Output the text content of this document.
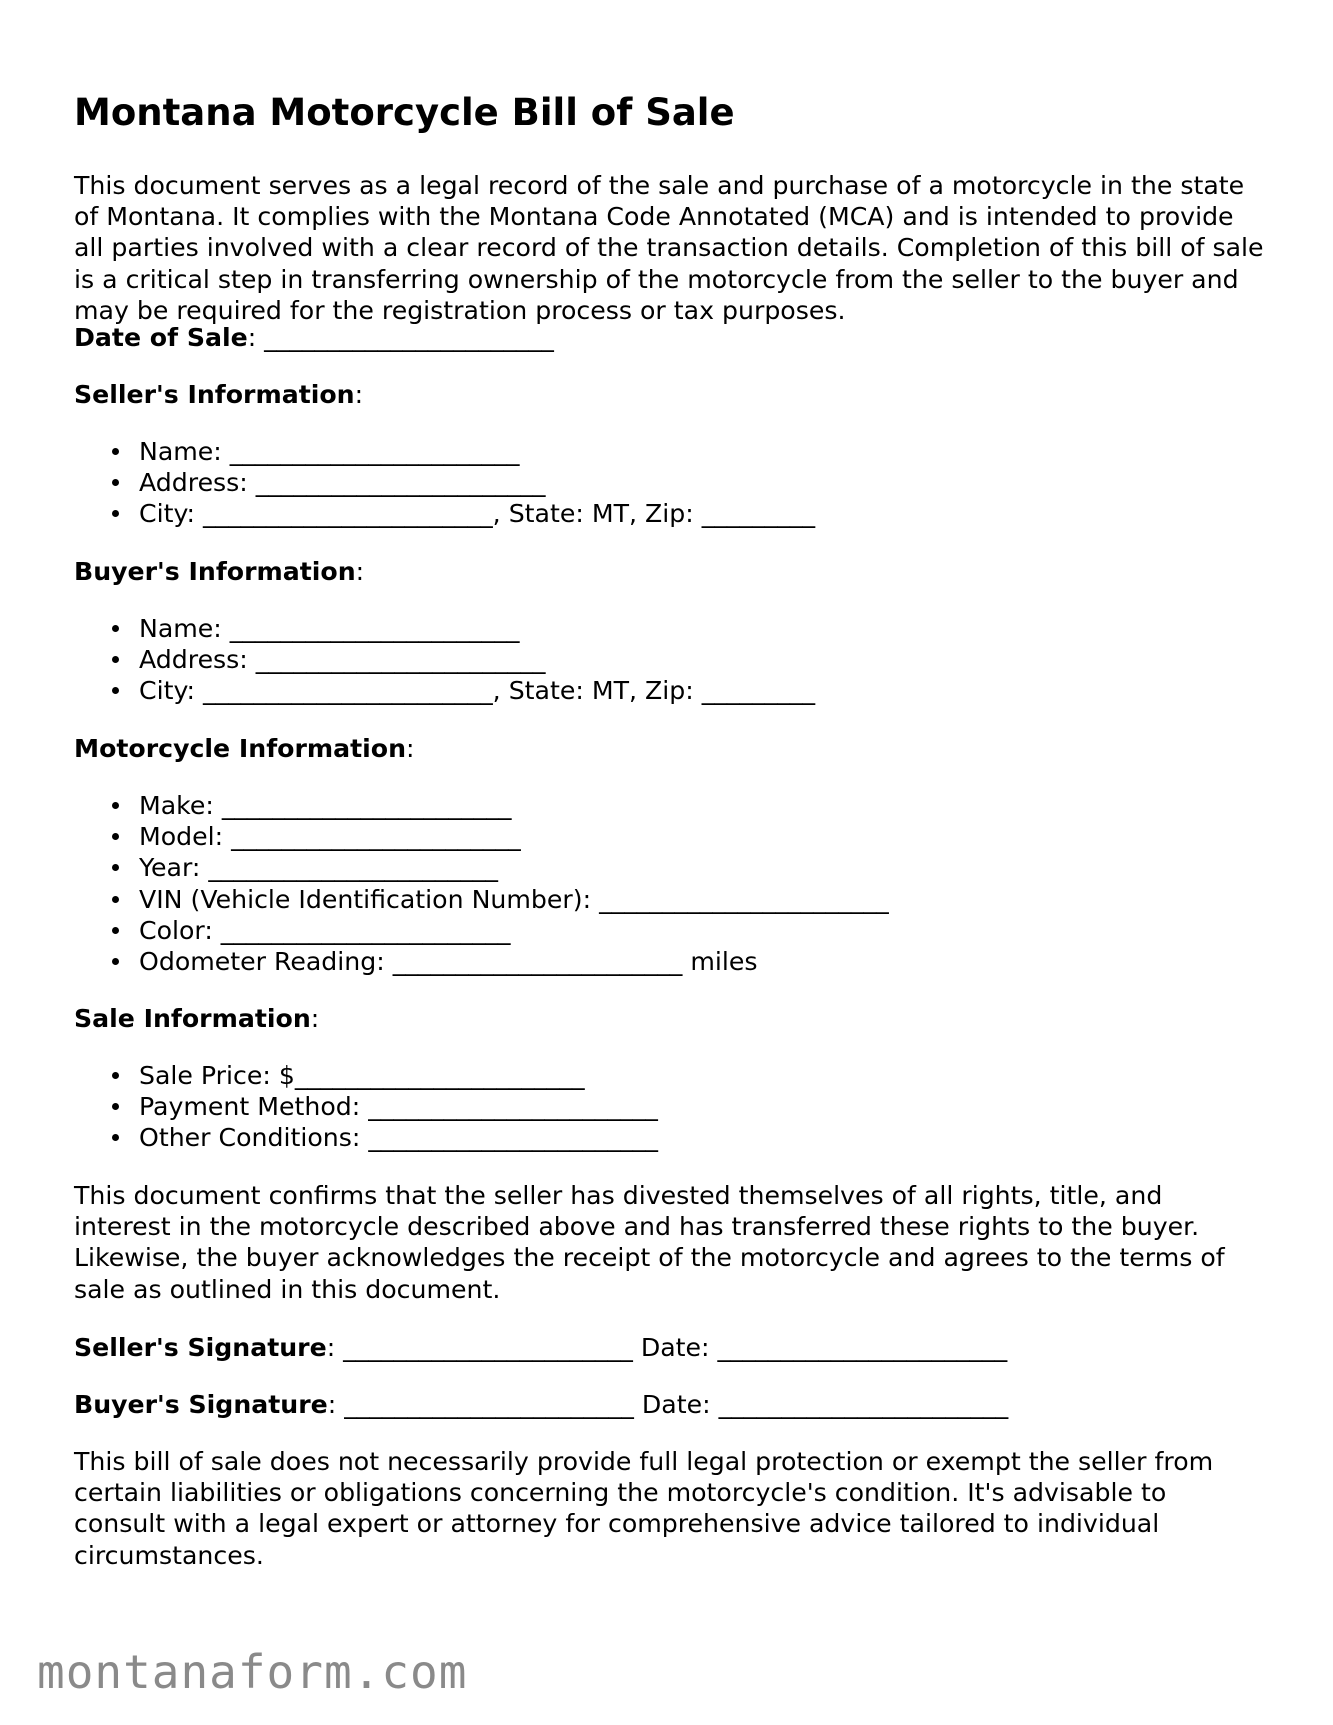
Montana Motorcycle Bill of Sale

This document serves as a legal record of the sale and purchase of a motorcycle in the state of Montana. It complies with the Montana Code Annotated (MCA) and is intended to provide all parties involved with a clear record of the transaction details. Completion of this bill of sale is a critical step in transferring ownership of the motorcycle from the seller to the buyer and may be required for the registration process or tax purposes.

Date of Sale: _______________________

Seller's Information:

Name: _______________________
Address: _______________________
City: _______________________, State: MT, Zip: _________

Buyer's Information:

Name: _______________________
Address: _______________________
City: _______________________, State: MT, Zip: _________

Motorcycle Information:

Make: _______________________
Model: _______________________
Year: _______________________
VIN (Vehicle Identification Number): _______________________
Color: _______________________
Odometer Reading: _______________________ miles

Sale Information:

Sale Price: $_______________________
Payment Method: _______________________
Other Conditions: _______________________

This document confirms that the seller has divested themselves of all rights, title, and interest in the motorcycle described above and has transferred these rights to the buyer. Likewise, the buyer acknowledges the receipt of the motorcycle and agrees to the terms of sale as outlined in this document.

Seller's Signature: _______________________ Date: _______________________

Buyer's Signature: _______________________ Date: _______________________

This bill of sale does not necessarily provide full legal protection or exempt the seller from certain liabilities or obligations concerning the motorcycle's condition. It's advisable to consult with a legal expert or attorney for comprehensive advice tailored to individual circumstances.

montanaform.com
